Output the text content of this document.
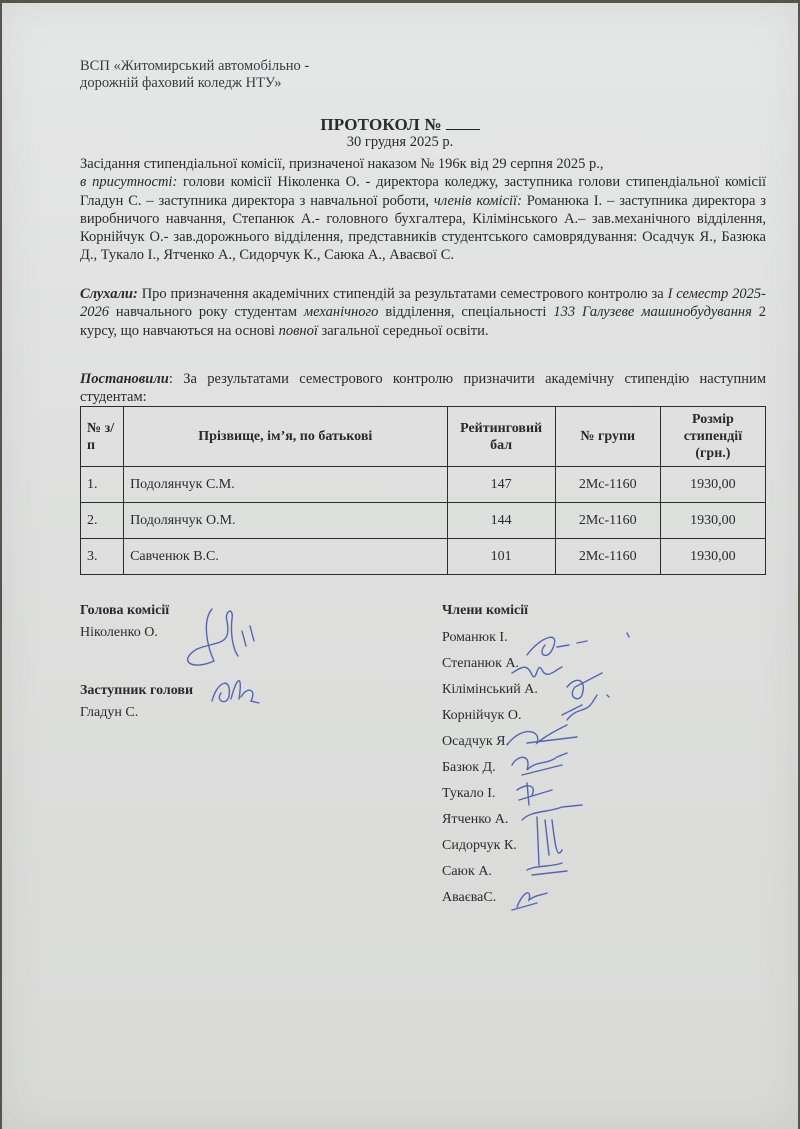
ВСП «Житомирський автомобільно -
дорожній фаховий коледж НТУ»
ПРОТОКОЛ №
30 грудня 2025 р.
Засідання стипендіальної комісії, призначеної наказом № 196к від 29 серпня 2025 р.,
в присутності: голови комісії Ніколенка О. - директора коледжу, заступника голови стипендіальної комісії Гладун С. – заступника директора з навчальної роботи, членів комісії: Романюка І. – заступника директора з виробничого навчання, Степанюк А.- головного бухгалтера, Кілімінського А.– зав.механічного відділення, Корнійчук О.- зав.дорожнього відділення, представників студентського самоврядування: Осадчук Я., Базюка Д., Тукало І., Ятченко А., Сидорчук К., Саюка А., Аваєвої С.
Слухали: Про призначення академічних стипендій за результатами семестрового контролю за І семестр 2025-2026 навчального року студентам механічного відділення, спеціальності 133 Галузеве машинобудування 2 курсу, що навчаються на основі повної загальної середньої освіти.
Постановили: За результатами семестрового контролю призначити академічну стипендію наступним студентам:
№ з/п	Прізвище, ім’я, по батькові	Рейтинговий бал	№ групи	Розмір стипендії (грн.)
1.	Подолянчук С.М.	147	2Мс-1160	1930,00
2.	Подолянчук О.М.	144	2Мс-1160	1930,00
3.	Савченюк В.С.	101	2Мс-1160	1930,00
Голова комісії
Ніколенко О.
Заступник голови
Гладун С.
Члени комісії
Романюк І.
Степанюк А.
Кілімінський А.
Корнійчук О.
Осадчук Я.
Базюк Д.
Тукало І.
Ятченко А.
Сидорчук К.
Саюк А.
АваєваС.
